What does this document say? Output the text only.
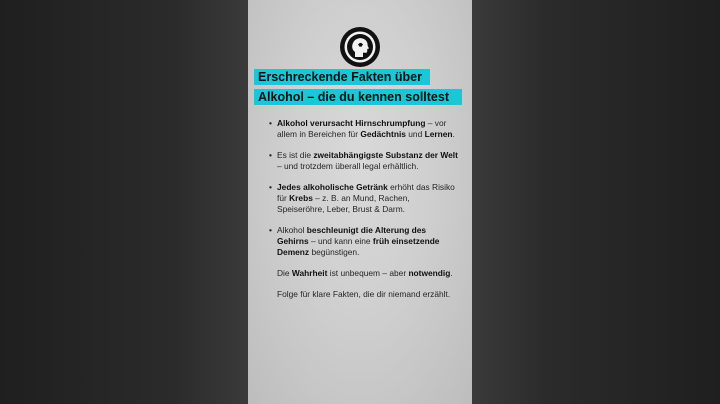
Erschreckende Fakten über
Alkohol – die du kennen solltest
• Alkohol verursacht Hirnschrumpfung – vor allem in Bereichen für Gedächtnis und Lernen.
• Es ist die zweitabhängigste Substanz der Welt – und trotzdem überall legal erhältlich.
• Jedes alkoholische Getränk erhöht das Risiko für Krebs – z. B. an Mund, Rachen, Speiseröhre, Leber, Brust & Darm.
• Alkohol beschleunigt die Alterung des Gehirns – und kann eine früh einsetzende Demenz begünstigen.
Die Wahrheit ist unbequem – aber notwendig.
Folge für klare Fakten, die dir niemand erzählt.
